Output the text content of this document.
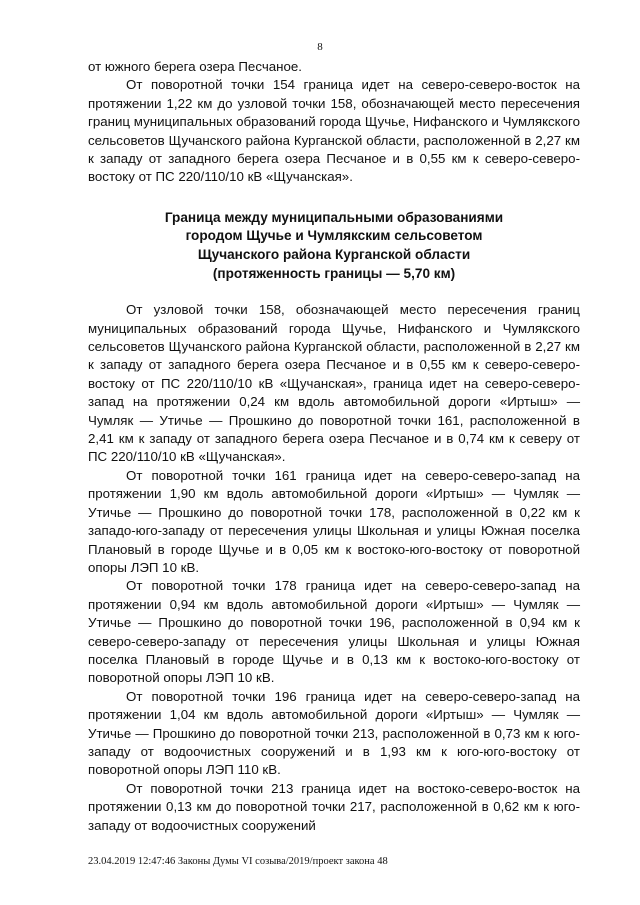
8

от южного берега озера Песчаное.

От поворотной точки 154 граница идет на северо-северо-восток на протяжении 1,22 км до узловой точки 158, обозначающей место пересечения границ муниципальных образований города Щучье, Нифанского и Чумлякского сельсоветов Щучанского района Курганской области, расположенной в 2,27 км к западу от западного берега озера Песчаное и в 0,55 км к северо-северо-востоку от ПС 220/110/10 кВ «Щучанская».

Граница между муниципальными образованиями
городом Щучье и Чумлякским сельсоветом
Щучанского района Курганской области
(протяженность границы — 5,70 км)

От узловой точки 158, обозначающей место пересечения границ муниципальных образований города Щучье, Нифанского и Чумлякского сельсоветов Щучанского района Курганской области, расположенной в 2,27 км к западу от западного берега озера Песчаное и в 0,55 км к северо-северо-востоку от ПС 220/110/10 кВ «Щучанская», граница идет на северо-северо-запад на протяжении 0,24 км вдоль автомобильной дороги «Иртыш» — Чумляк — Утичье — Прошкино до поворотной точки 161, расположенной в 2,41 км к западу от западного берега озера Песчаное и в 0,74 км к северу от ПС 220/110/10 кВ «Щучанская».

От поворотной точки 161 граница идет на северо-северо-запад на протяжении 1,90 км вдоль автомобильной дороги «Иртыш» — Чумляк — Утичье — Прошкино до поворотной точки 178, расположенной в 0,22 км к западо-юго-западу от пересечения улицы Школьная и улицы Южная поселка Плановый в городе Щучье и в 0,05 км к востоко-юго-востоку от поворотной опоры ЛЭП 10 кВ.

От поворотной точки 178 граница идет на северо-северо-запад на протяжении 0,94 км вдоль автомобильной дороги «Иртыш» — Чумляк — Утичье — Прошкино до поворотной точки 196, расположенной в 0,94 км к северо-северо-западу от пересечения улицы Школьная и улицы Южная поселка Плановый в городе Щучье и в 0,13 км к востоко-юго-востоку от поворотной опоры ЛЭП 10 кВ.

От поворотной точки 196 граница идет на северо-северо-запад на протяжении 1,04 км вдоль автомобильной дороги «Иртыш» — Чумляк — Утичье — Прошкино до поворотной точки 213, расположенной в 0,73 км к юго-западу от водоочистных сооружений и в 1,93 км к юго-юго-востоку от поворотной опоры ЛЭП 110 кВ.

От поворотной точки 213 граница идет на востоко-северо-восток на протяжении 0,13 км до поворотной точки 217, расположенной в 0,62 км к юго-западу от водоочистных сооружений

23.04.2019 12:47:46 Законы Думы VI созыва/2019/проект закона 48
